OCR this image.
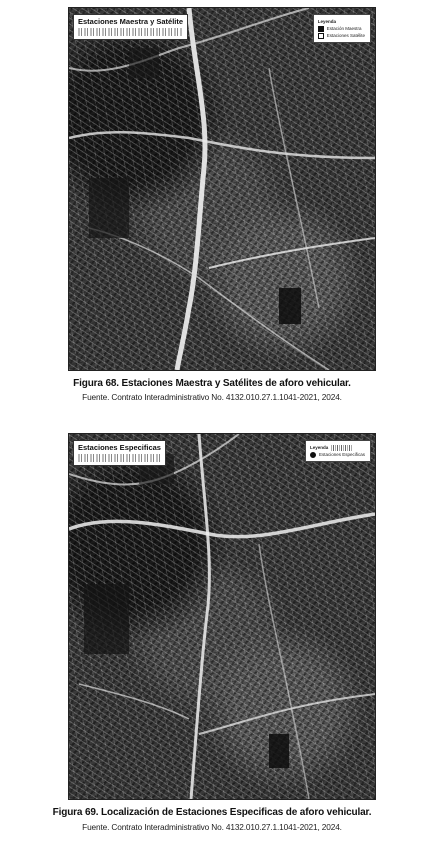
Estaciones Maestra y Satélite	Leyenda
Estación Maestra
Estaciones Satélite
Figura 68. Estaciones Maestra y Satélites de aforo vehicular.
Fuente. Contrato Interadministrativo No. 4132.010.27.1.1041-2021, 2024.
Estaciones Especificas	Leyenda
Estaciones Especificas
Figura 69. Localización de Estaciones Especificas de aforo vehicular.
Fuente. Contrato Interadministrativo No. 4132.010.27.1.1041-2021, 2024.
